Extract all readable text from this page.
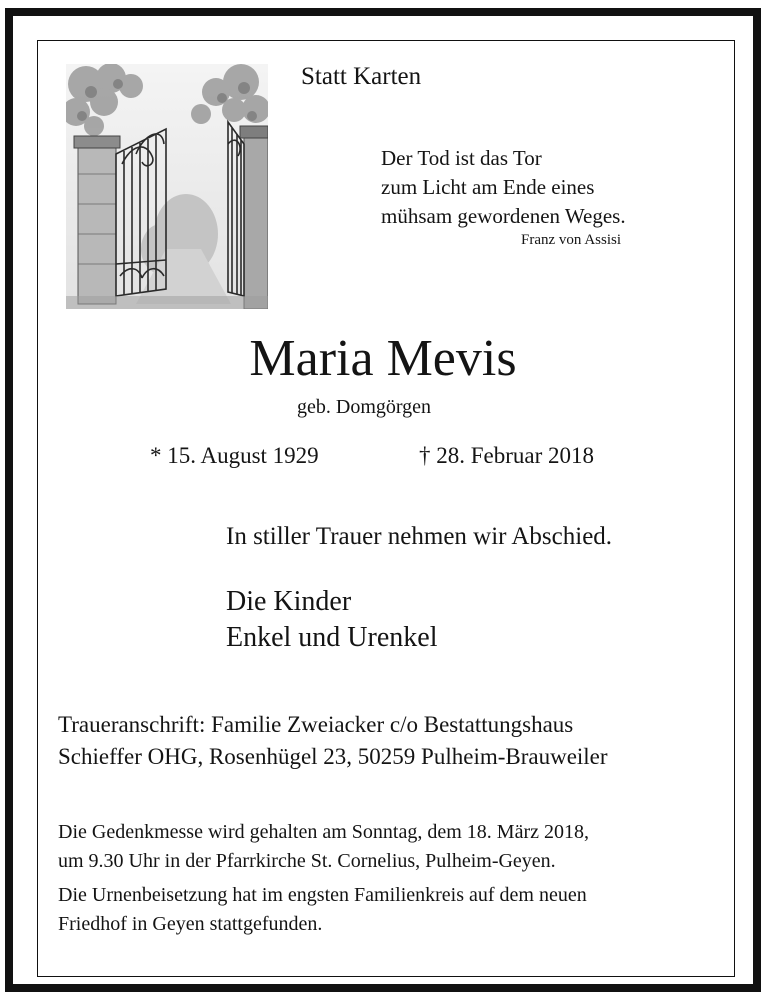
Statt Karten

Der Tod ist das Tor

zum Licht am Ende eines

mühsam gewordenen Weges.

Franz von Assisi

Maria Mevis

geb. Domgörgen

* 15. August 1929	† 28. Februar 2018

In stiller Trauer nehmen wir Abschied.

Die Kinder

Enkel und Urenkel

Traueranschrift: Familie Zweiacker c/o Bestattungshaus

Schieffer OHG, Rosenhügel 23, 50259 Pulheim-Brauweiler

Die Gedenkmesse wird gehalten am Sonntag, dem 18. März 2018,

um 9.30 Uhr in der Pfarrkirche St. Cornelius, Pulheim-Geyen.

Die Urnenbeisetzung hat im engsten Familienkreis auf dem neuen

Friedhof in Geyen stattgefunden.
